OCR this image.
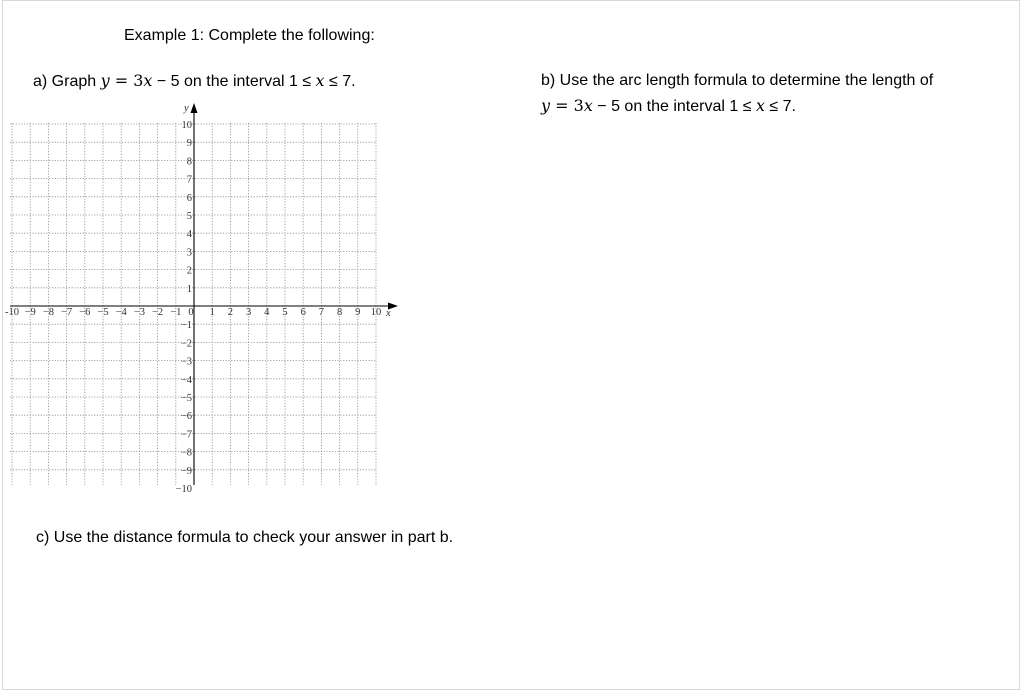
Example 1: Complete the following:
a) Graph y = 3x − 5 on the interval 1 ≤ x ≤ 7.	b) Use the arc length formula to determine the length of
y = 3x − 5 on the interval 1 ≤ x ≤ 7.
c) Use the distance formula to check your answer in part b.
x
y
-10 −9 −8 −7 −6 −5 −4 −3 −2 −1 0 1 2 3 4 5 6 7 8 9 10
10
9
8
7
6
5
4
3
2
1
−1
−2
−3
−4
−5
−6
−7
−8
−9
−10
